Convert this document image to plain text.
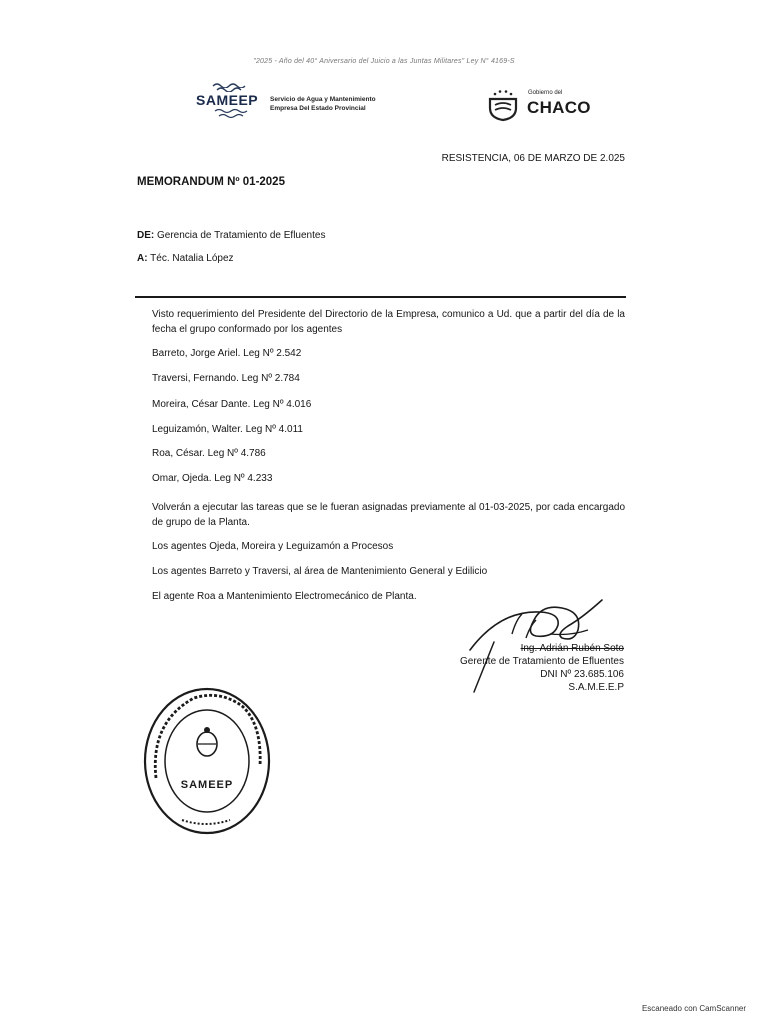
"2025 - Año del 40° Aniversario del Juicio a las Juntas Militares" Ley N° 4169-S
SAMEEP Servicio de Agua y Mantenimiento
Empresa Del Estado Provincial
Gobierno del
CHACO
RESISTENCIA, 06 DE MARZO DE 2.025
MEMORANDUM Nº 01-2025
DE: Gerencia de Tratamiento de Efluentes
A: Téc. Natalia López
Visto requerimiento del Presidente del Directorio de la Empresa, comunico a Ud. que a partir del día de la fecha el grupo conformado por los agentes
Barreto, Jorge Ariel. Leg Nº 2.542
Traversi, Fernando. Leg Nº 2.784
Moreira, César Dante. Leg Nº 4.016
Leguizamón, Walter. Leg Nº 4.011
Roa, César. Leg Nº 4.786
Omar, Ojeda. Leg Nº 4.233
Volverán a ejecutar las tareas que se le fueran asignadas previamente al 01-03-2025, por cada encargado de grupo de la Planta.
Los agentes Ojeda, Moreira y Leguizamón a Procesos
Los agentes Barreto y Traversi, al área de Mantenimiento General y Edilicio
El agente Roa a Mantenimiento Electromecánico de Planta.
Ing. Adrián Rubén Soto
Gerente de Tratamiento de Efluentes
DNI Nº 23.685.106
S.A.M.E.E.P
SAMEEP
Escaneado con CamScanner
